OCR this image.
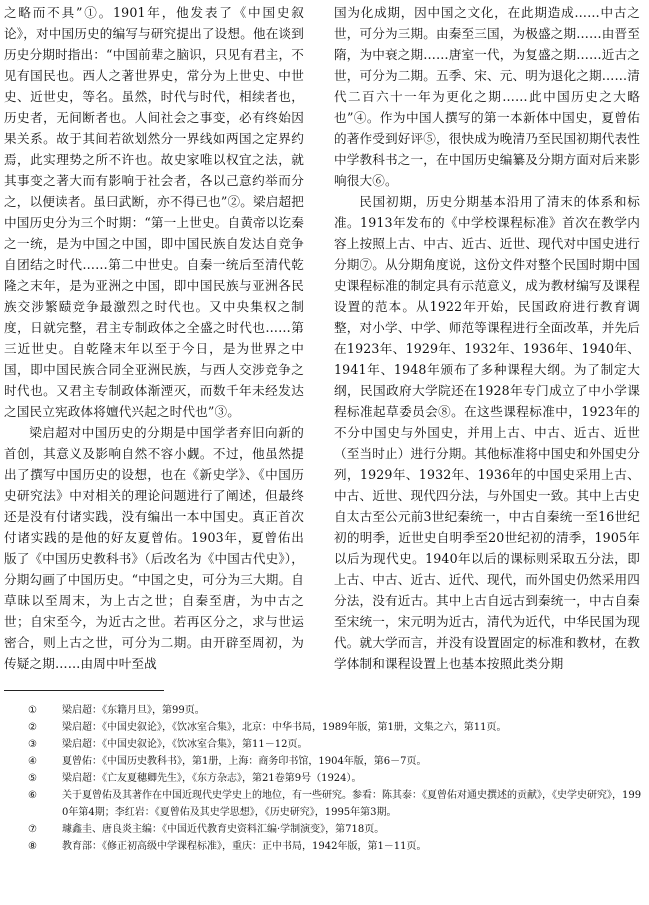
之略而不具”①。1901年，他发表了《中国史叙论》，对中国历史的编写与研究提出了设想。他在谈到历史分期时指出：“中国前辈之脑识，只见有君主，不见有国民也。西人之著世界史，常分为上世史、中世史、近世史，等名。虽然，时代与时代，相续者也，历史者，无间断者也。人间社会之事变，必有终始因果关系。故于其间若欲划然分一界线如两国之定界约焉，此实理势之所不许也。故史家唯以权宜之法，就其事变之著大而有影响于社会者，各以己意约举而分之，以便读者。虽曰武断，亦不得已也”②。梁启超把中国历史分为三个时期：“第一上世史。自黄帝以讫秦之一统，是为中国之中国，即中国民族自发达自竞争自团结之时代……第二中世史。自秦一统后至清代乾隆之末年，是为亚洲之中国，即中国民族与亚洲各民族交涉繁赜竞争最激烈之时代也。又中央集权之制度，日就完整，君主专制政体之全盛之时代也……第三近世史。自乾隆末年以至于今日，是为世界之中国，即中国民族合同全亚洲民族，与西人交涉竞争之时代也。又君主专制政体渐湮灭，而数千年未经发达之国民立宪政体将嬗代兴起之时代也”③。

梁启超对中国历史的分期是中国学者弃旧向新的首创，其意义及影响自然不容小觑。不过，他虽然提出了撰写中国历史的设想，也在《新史学》、《中国历史研究法》中对相关的理论问题进行了阐述，但最终还是没有付诸实践，没有编出一本中国史。真正首次付诸实践的是他的好友夏曾佑。1903年，夏曾佑出版了《中国历史教科书》（后改名为《中国古代史》），分期勾画了中国历史。“中国之史，可分为三大期。自草昧以至周末，为上古之世；自秦至唐，为中古之世；自宋至今，为近古之世。若再区分之，求与世运密合，则上古之世，可分为二期。由开辟至周初，为传疑之期……由周中叶至战

国为化成期，因中国之文化，在此期造成……中古之世，可分为三期。由秦至三国，为极盛之期……由晋至隋，为中衰之期……唐室一代，为复盛之期……近古之世，可分为二期。五季、宋、元、明为退化之期……清代二百六十一年为更化之期……此中国历史之大略也”④。作为中国人撰写的第一本新体中国史，夏曾佑的著作受到好评⑤，很快成为晚清乃至民国初期代表性中学教科书之一，在中国历史编纂及分期方面对后来影响很大⑥。

民国初期，历史分期基本沿用了清末的体系和标准。1913年发布的《中学校课程标准》首次在教学内容上按照上古、中古、近古、近世、现代对中国史进行分期⑦。从分期角度说，这份文件对整个民国时期中国史课程标准的制定具有示范意义，成为教材编写及课程设置的范本。从1922年开始，民国政府进行教育调整，对小学、中学、师范等课程进行全面改革，并先后在1923年、1929年、1932年、1936年、1940年、1941年、1948年颁布了多种课程大纲。为了制定大纲，民国政府大学院还在1928年专门成立了中小学课程标准起草委员会⑧。在这些课程标准中，1923年的不分中国史与外国史，并用上古、中古、近古、近世（至当时止）进行分期。其他标准将中国史和外国史分列，1929年、1932年、1936年的中国史采用上古、中古、近世、现代四分法，与外国史一致。其中上古史自太古至公元前3世纪秦统一，中古自秦统一至16世纪初的明季，近世史自明季至20世纪初的清季，1905年以后为现代史。1940年以后的课标则采取五分法，即上古、中古、近古、近代、现代，而外国史仍然采用四分法，没有近古。其中上古自远古到秦统一，中古自秦至宋统一，宋元明为近古，清代为近代，中华民国为现代。就大学而言，并没有设置固定的标准和教材，在教学体制和课程设置上也基本按照此类分期

①	梁启超：《东籍月旦》，第99页。
②	梁启超：《中国史叙论》，《饮冰室合集》，北京：中华书局，1989年版，第1册，文集之六，第11页。
③	梁启超：《中国史叙论》，《饮冰室合集》，第11－12页。
④	夏曾佑：《中国历史教科书》，第1册，上海：商务印书馆，1904年版，第6－7页。
⑤	梁启超：《亡友夏穗卿先生》，《东方杂志》，第21卷第9号（1924）。
⑥	关于夏曾佑及其著作在中国近现代史学史上的地位，有一些研究。参看：陈其泰：《夏曾佑对通史撰述的贡献》，《史学史研究》，1990年第4期；李红岩：《夏曾佑及其史学思想》，《历史研究》，1995年第3期。
⑦	璩鑫圭、唐良炎主编：《中国近代教育史资料汇编·学制演变》，第718页。
⑧	教育部：《修正初高级中学课程标准》，重庆：正中书局，1942年版，第1－11页。
